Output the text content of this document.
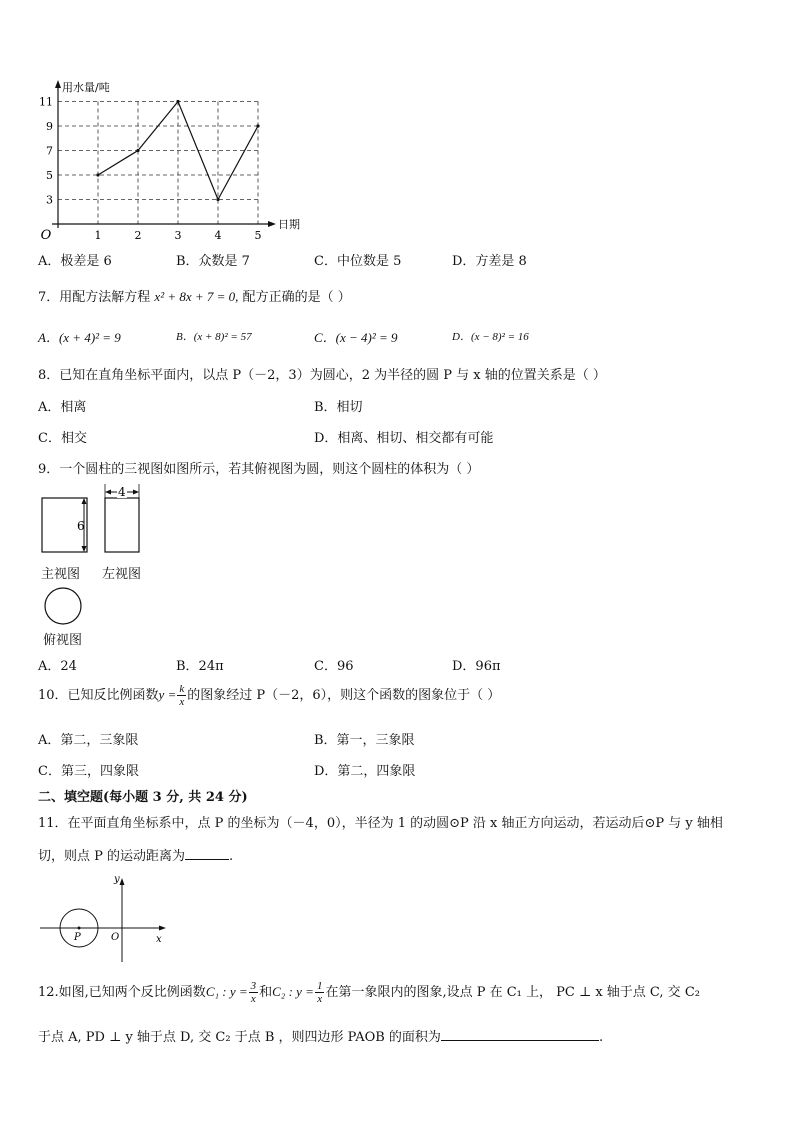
3
5
7
9
11
1	2	3	4	5
O
用水量/吨
日期
A．极差是 6	B．众数是 7	C．中位数是 5	D．方差是 8
7．用配方法解方程 x² + 8x + 7 = 0, 配方正确的是（ ）
A．(x + 4)² = 9	B．(x + 8)² = 57	C．(x − 4)² = 9	D．(x − 8)² = 16
8．已知在直角坐标平面内，以点 P（－2，3）为圆心，2 为半径的圆 P 与 x 轴的位置关系是（ ）
A．相离	B．相切
C．相交	D．相离、相切、相交都有可能
9．一个圆柱的三视图如图所示，若其俯视图为圆，则这个圆柱的体积为（ ）
6
4
主视图 左视图
俯视图
A．24	B．24π	C．96	D．96π
10．已知反比例函数$y = \frac{k}{x}$ 的图象经过 P（－2，6），则这个函数的图象位于（ ）
A．第二，三象限	B．第一，三象限
C．第三，四象限	D．第二，四象限
二、填空题(每小题 3 分, 共 24 分)
11．在平面直角坐标系中，点 P 的坐标为（－4，0），半径为 1 的动圆⊙P 沿 x 轴正方向运动，若运动后⊙P 与 y 轴相
切，则点 P 的运动距离为	.
y
x
O
P
12.如图,已知两个反比例函数C₁ : $y = \frac{3}{x}$ 和C₂ : $y = \frac{1}{x}$ 在第一象限内的图象,设点 P 在 C₁ 上， PC ⊥ x 轴于点 C, 交 C₂
于点 A, PD ⊥ y 轴于点 D, 交 C₂ 于点 B ，则四边形 PAOB 的面积为	.
